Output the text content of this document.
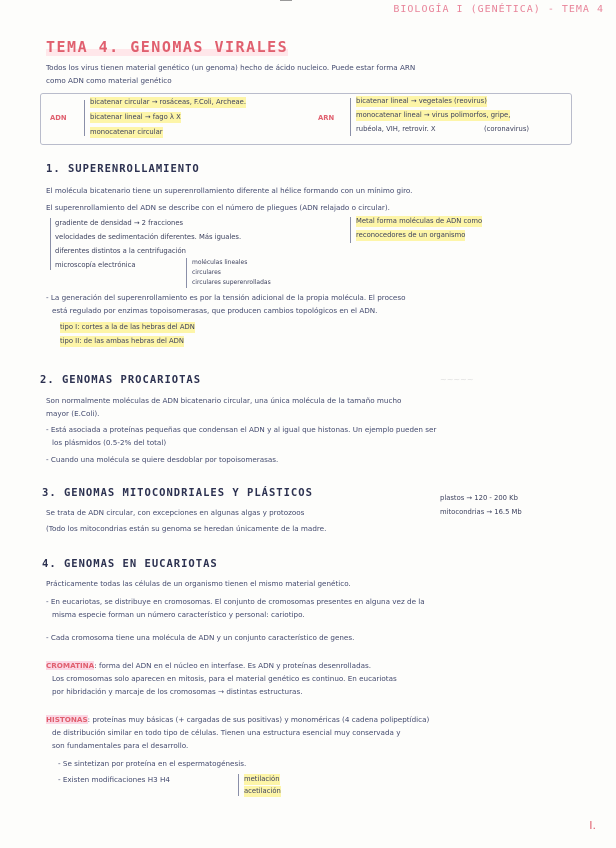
BIOLOGÍA I (GENÉTICA) - TEMA 4
TEMA 4. GENOMAS VIRALES
Todos los virus tienen material genético (un genoma) hecho de ácido nucleico. Puede estar forma ARN
como ADN como material genético
ADN
bicatenar circular → rosáceas, F.Coli, Archeae.
bicatenar lineal → fago λ X
monocatenar circular
ARN
bicatenar lineal → vegetales (reovirus)
monocatenar lineal → virus polimorfos, gripe,
rubéola, VIH, retrovir. X	(coronavirus)
1. SUPERENROLLAMIENTO
El molécula bicatenario tiene un superenrollamiento diferente al hélice formando con un mínimo giro.
El superenrollamiento del ADN se describe con el número de pliegues (ADN relajado o circular).
gradiente de densidad → 2 fracciones
velocidades de sedimentación diferentes. Más iguales.
diferentes distintos a la centrifugación
microscopía electrónica	moléculas lineales
circulares
circulares superenrolladas
Metal forma moléculas de ADN como
reconocedores de un organismo
- La generación del superenrollamiento es por la tensión adicional de la propia molécula. El proceso
está regulado por enzimas topoisomerasas, que producen cambios topológicos en el ADN.
tipo I: cortes a la de las hebras del ADN
tipo II: de las ambas hebras del ADN
2. GENOMAS PROCARIOTAS	~~~~~
Son normalmente moléculas de ADN bicatenario circular, una única molécula de la tamaño mucho
mayor (E.Coli).
- Está asociada a proteínas pequeñas que condensan el ADN y al igual que histonas. Un ejemplo pueden ser
los plásmidos (0.5-2% del total)
- Cuando una molécula se quiere desdoblar por topoisomerasas.
3. GENOMAS MITOCONDRIALES Y PLÁSTICOS	plastos → 120 - 200 Kb
Se trata de ADN circular, con excepciones en algunas algas y protozoos	mitocondrias → 16.5 Mb
(Todo los mitocondrias están su genoma se heredan únicamente de la madre.
4. GENOMAS EN EUCARIOTAS
Prácticamente todas las células de un organismo tienen el mismo material genético.
- En eucariotas, se distribuye en cromosomas. El conjunto de cromosomas presentes en alguna vez de la
misma especie forman un número característico y personal: cariotipo.
- Cada cromosoma tiene una molécula de ADN y un conjunto característico de genes.
CROMATINA: forma del ADN en el núcleo en interfase. Es ADN y proteínas desenrolladas.
Los cromosomas solo aparecen en mitosis, para el material genético es continuo. En eucariotas
por hibridación y marcaje de los cromosomas → distintas estructuras.
HISTONAS: proteínas muy básicas (+ cargadas de sus positivas) y monoméricas (4 cadena polipeptídica)
de distribución similar en todo tipo de células. Tienen una estructura esencial muy conservada y
son fundamentales para el desarrollo.
- Se sintetizan por proteína en el espermatogénesis.
- Existen modificaciones H3 H4	metilación
acetilación
I.
